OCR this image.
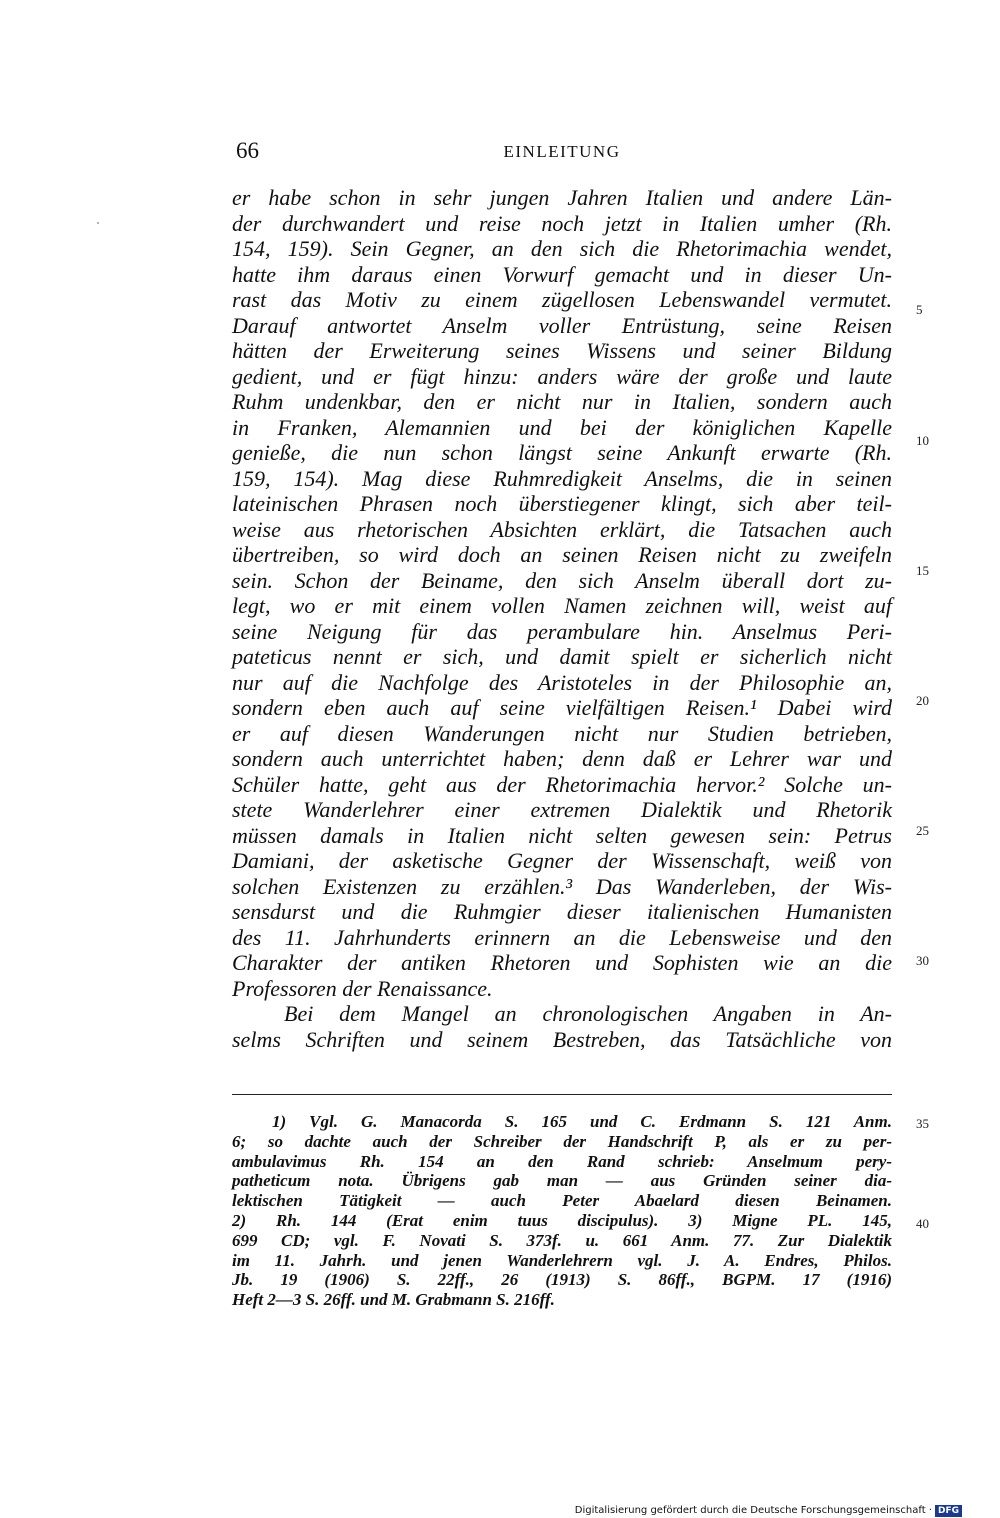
66	EINLEITUNG
er habe schon in sehr jungen Jahren Italien und andere Län-
der durchwandert und reise noch jetzt in Italien umher (Rh.
154, 159). Sein Gegner, an den sich die Rhetorimachia wendet,
hatte ihm daraus einen Vorwurf gemacht und in dieser Un-
rast das Motiv zu einem zügellosen Lebenswandel vermutet.
Darauf antwortet Anselm voller Entrüstung, seine Reisen
hätten der Erweiterung seines Wissens und seiner Bildung
gedient, und er fügt hinzu: anders wäre der große und laute
Ruhm undenkbar, den er nicht nur in Italien, sondern auch
in Franken, Alemannien und bei der königlichen Kapelle
genieße, die nun schon längst seine Ankunft erwarte (Rh.
159, 154). Mag diese Ruhmredigkeit Anselms, die in seinen
lateinischen Phrasen noch überstiegener klingt, sich aber teil-
weise aus rhetorischen Absichten erklärt, die Tatsachen auch
übertreiben, so wird doch an seinen Reisen nicht zu zweifeln
sein. Schon der Beiname, den sich Anselm überall dort zu-
legt, wo er mit einem vollen Namen zeichnen will, weist auf
seine Neigung für das perambulare hin. Anselmus Peri-
pateticus nennt er sich, und damit spielt er sicherlich nicht
nur auf die Nachfolge des Aristoteles in der Philosophie an,
sondern eben auch auf seine vielfältigen Reisen.¹ Dabei wird
er auf diesen Wanderungen nicht nur Studien betrieben,
sondern auch unterrichtet haben; denn daß er Lehrer war und
Schüler hatte, geht aus der Rhetorimachia hervor.² Solche un-
stete Wanderlehrer einer extremen Dialektik und Rhetorik
müssen damals in Italien nicht selten gewesen sein: Petrus
Damiani, der asketische Gegner der Wissenschaft, weiß von
solchen Existenzen zu erzählen.³ Das Wanderleben, der Wis-
sensdurst und die Ruhmgier dieser italienischen Humanisten
des 11. Jahrhunderts erinnern an die Lebensweise und den
Charakter der antiken Rhetoren und Sophisten wie an die
Professoren der Renaissance.
Bei dem Mangel an chronologischen Angaben in An-
selms Schriften und seinem Bestreben, das Tatsächliche von
5
10
15
20
25
30
35
40
1) Vgl. G. Manacorda S. 165 und C. Erdmann S. 121 Anm.
6; so dachte auch der Schreiber der Handschrift P, als er zu per-
ambulavimus Rh. 154 an den Rand schrieb: Anselmum pery-
patheticum nota. Übrigens gab man — aus Gründen seiner dia-
lektischen Tätigkeit — auch Peter Abaelard diesen Beinamen.
2) Rh. 144 (Erat enim tuus discipulus). 3) Migne PL. 145,
699 CD; vgl. F. Novati S. 373f. u. 661 Anm. 77. Zur Dialektik
im 11. Jahrh. und jenen Wanderlehrern vgl. J. A. Endres, Philos.
Jb. 19 (1906) S. 22ff., 26 (1913) S. 86ff., BGPM. 17 (1916)
Heft 2—3 S. 26ff. und M. Grabmann S. 216ff.
Digitalisierung gefördert durch die Deutsche Forschungsgemeinschaft · DFG
